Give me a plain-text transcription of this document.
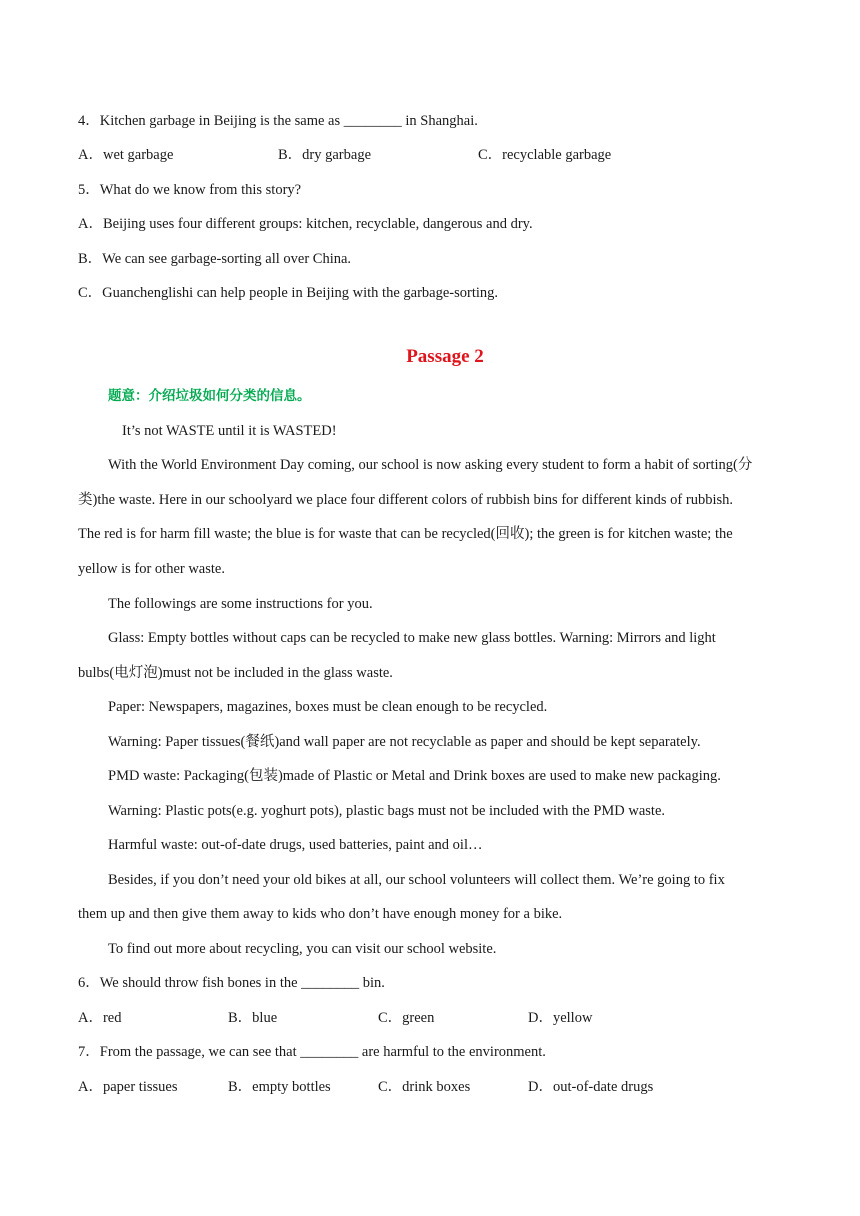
4．Kitchen garbage in Beijing is the same as ________ in Shanghai.
A．wet garbage	B．dry garbage	C．recyclable garbage
5．What do we know from this story?
A．Beijing uses four different groups: kitchen, recyclable, dangerous and dry.
B．We can see garbage-sorting all over China.
C．Guanchenglishi can help people in Beijing with the garbage-sorting.
Passage 2
题意：介绍垃圾如何分类的信息。
It’s not WASTE until it is WASTED!
With the World Environment Day coming, our school is now asking every student to form a habit of sorting(分
类)the waste. Here in our schoolyard we place four different colors of rubbish bins for different kinds of rubbish.
The red is for harm fill waste; the blue is for waste that can be recycled(回收); the green is for kitchen waste; the
yellow is for other waste.
The followings are some instructions for you.
Glass: Empty bottles without caps can be recycled to make new glass bottles. Warning: Mirrors and light
bulbs(电灯泡)must not be included in the glass waste.
Paper: Newspapers, magazines, boxes must be clean enough to be recycled.
Warning: Paper tissues(餐纸)and wall paper are not recyclable as paper and should be kept separately.
PMD waste: Packaging(包装)made of Plastic or Metal and Drink boxes are used to make new packaging.
Warning: Plastic pots(e.g. yoghurt pots), plastic bags must not be included with the PMD waste.
Harmful waste: out-of-date drugs, used batteries, paint and oil…
Besides, if you don’t need your old bikes at all, our school volunteers will collect them. We’re going to fix
them up and then give them away to kids who don’t have enough money for a bike.
To find out more about recycling, you can visit our school website.
6．We should throw fish bones in the ________ bin.
A．red	B．blue	C．green	D．yellow
7．From the passage, we can see that ________ are harmful to the environment.
A．paper tissues	B．empty bottles	C．drink boxes	D．out-of-date drugs
